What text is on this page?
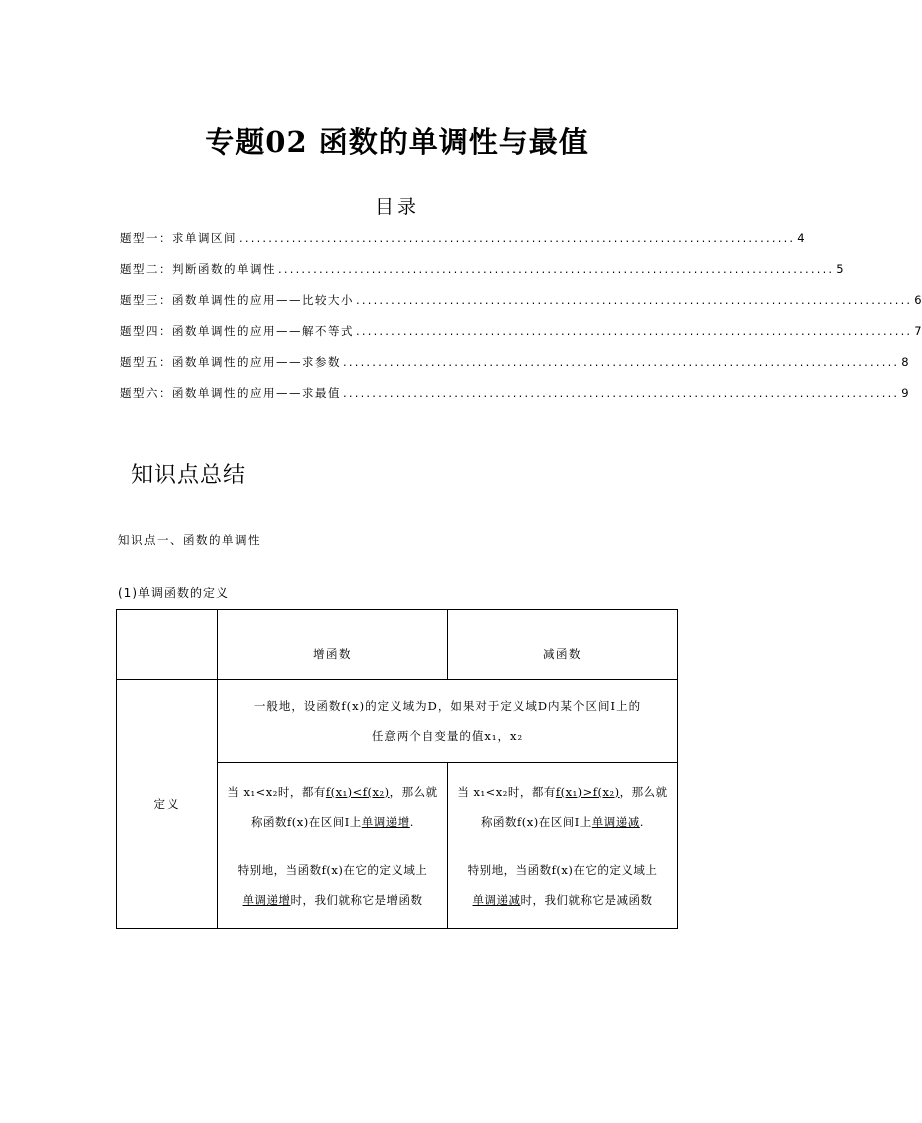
专题02 函数的单调性与最值
目录
题型一： 求单调区间 ............................................................................................... 4
题型二： 判断函数的单调性 ............................................................................................... 5
题型三： 函数单调性的应用——比较大小 ............................................................................................... 6
题型四： 函数单调性的应用——解不等式 ............................................................................................... 7
题型五： 函数单调性的应用——求参数 ............................................................................................... 8
题型六： 函数单调性的应用——求最值 ............................................................................................... 9
知识点总结
知识点一、函数的单调性
(1)单调函数的定义
	增函数	减函数
定义	一般地，设函数f(x)的定义域为D，如果对于定义域D内某个区间I上的
任意两个自变量的值x₁，x₂	
	当 x₁<x₂时，都有f(x₁)<f(x₂)，那么就
称函数f(x)在区间I上单调递增.
特别地，当函数f(x)在它的定义域上
单调递增时，我们就称它是增函数	当 x₁<x₂时，都有f(x₁)>f(x₂)，那么就
称函数f(x)在区间I上单调递减.
特别地，当函数f(x)在它的定义域上
单调递减时，我们就称它是减函数
